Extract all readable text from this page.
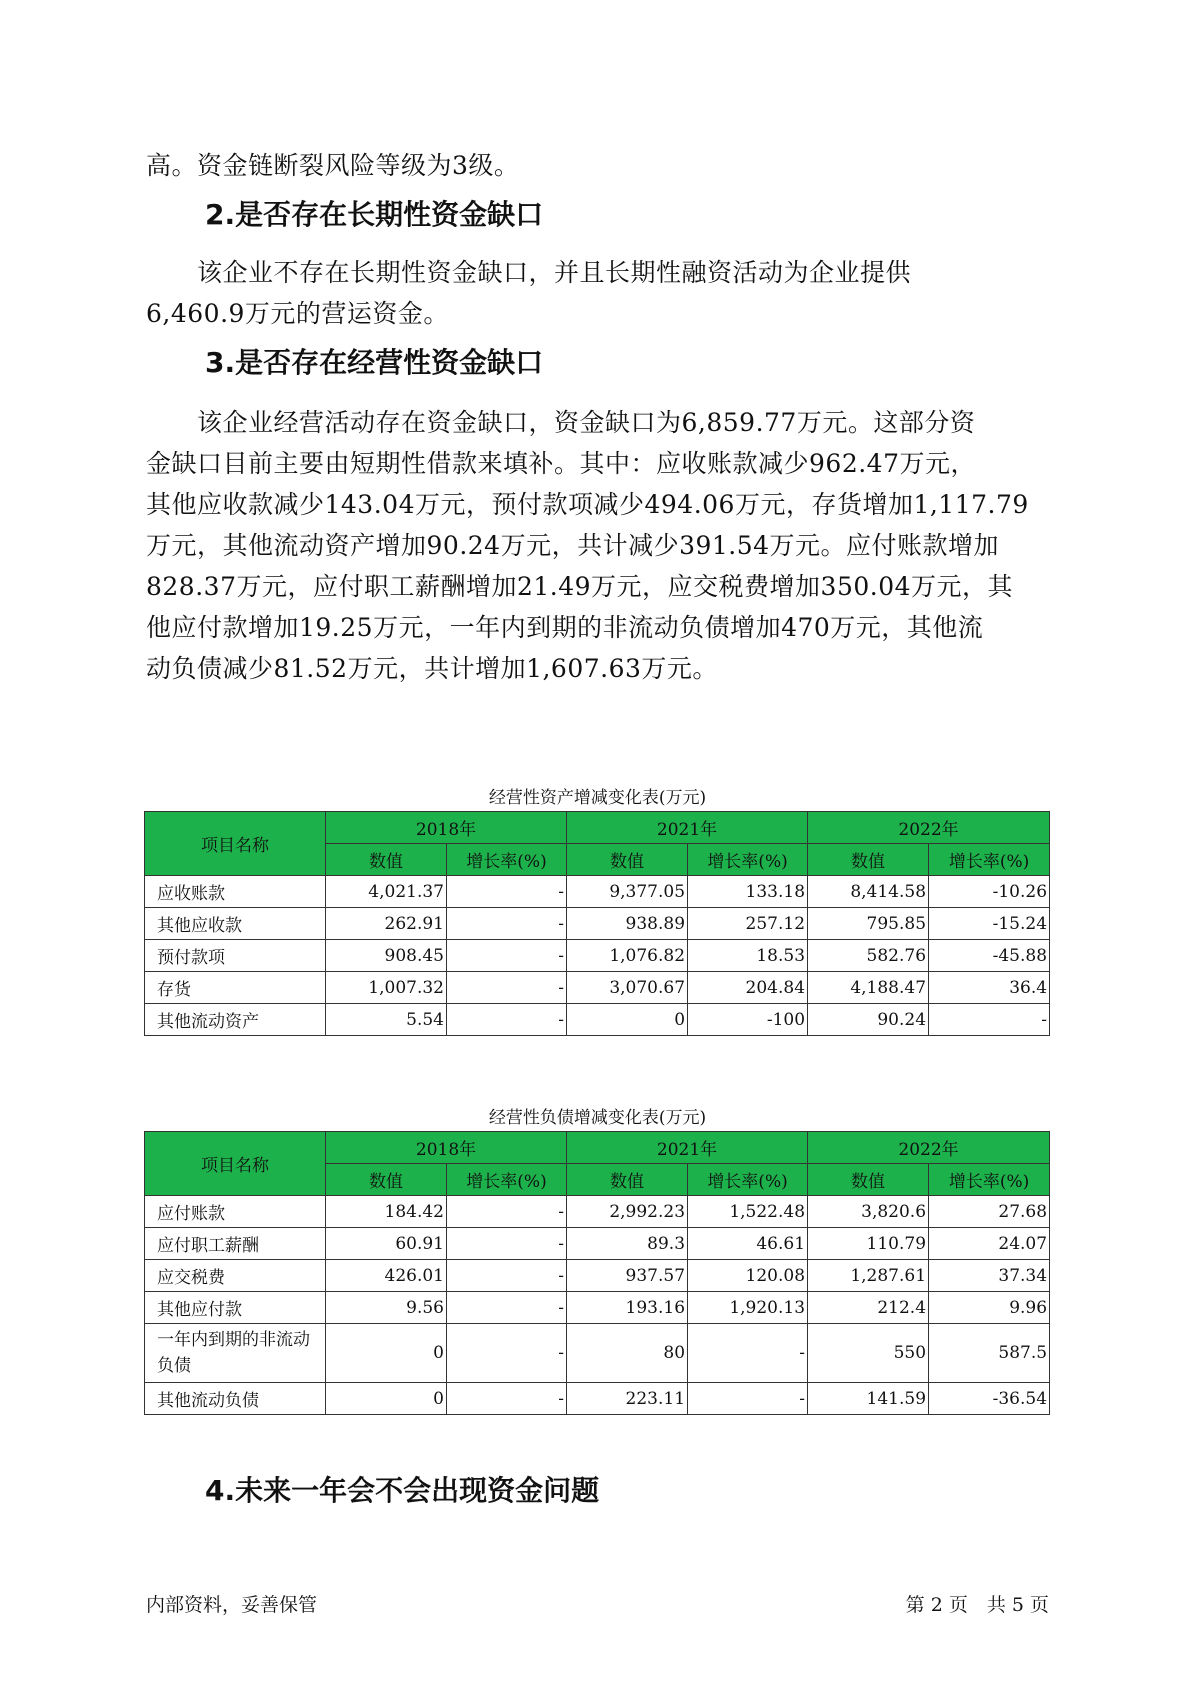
高。资金链断裂风险等级为3级。

2.是否存在长期性资金缺口

　　该企业不存在长期性资金缺口，并且长期性融资活动为企业提供

6,460.9万元的营运资金。

3.是否存在经营性资金缺口

　　该企业经营活动存在资金缺口，资金缺口为6,859.77万元。这部分资

金缺口目前主要由短期性借款来填补。其中：应收账款减少962.47万元，

其他应收款减少143.04万元，预付款项减少494.06万元，存货增加1,117.79

万元，其他流动资产增加90.24万元，共计减少391.54万元。应付账款增加

828.37万元，应付职工薪酬增加21.49万元，应交税费增加350.04万元，其

他应付款增加19.25万元，一年内到期的非流动负债增加470万元，其他流

动负债减少81.52万元，共计增加1,607.63万元。

经营性资产增减变化表(万元)
项目名称	2018年		2021年		2022年	
	数值	增长率(%)	数值	增长率(%)	数值	增长率(%)
应收账款	4,021.37	-	9,377.05	133.18	8,414.58	-10.26
其他应收款	262.91	-	938.89	257.12	795.85	-15.24
预付款项	908.45	-	1,076.82	18.53	582.76	-45.88
存货	1,007.32	-	3,070.67	204.84	4,188.47	36.4
其他流动资产	5.54	-	0	-100	90.24	-
经营性负债增减变化表(万元)
项目名称	2018年		2021年		2022年	
	数值	增长率(%)	数值	增长率(%)	数值	增长率(%)
应付账款	184.42	-	2,992.23	1,522.48	3,820.6	27.68
应付职工薪酬	60.91	-	89.3	46.61	110.79	24.07
应交税费	426.01	-	937.57	120.08	1,287.61	37.34
其他应付款	9.56	-	193.16	1,920.13	212.4	9.96
一年内到期的非流动负债	0	-	80	-	550	587.5
其他流动负债	0	-	223.11	-	141.59	-36.54
4.未来一年会不会出现资金问题
内部资料，妥善保管	第 2 页　共 5 页
